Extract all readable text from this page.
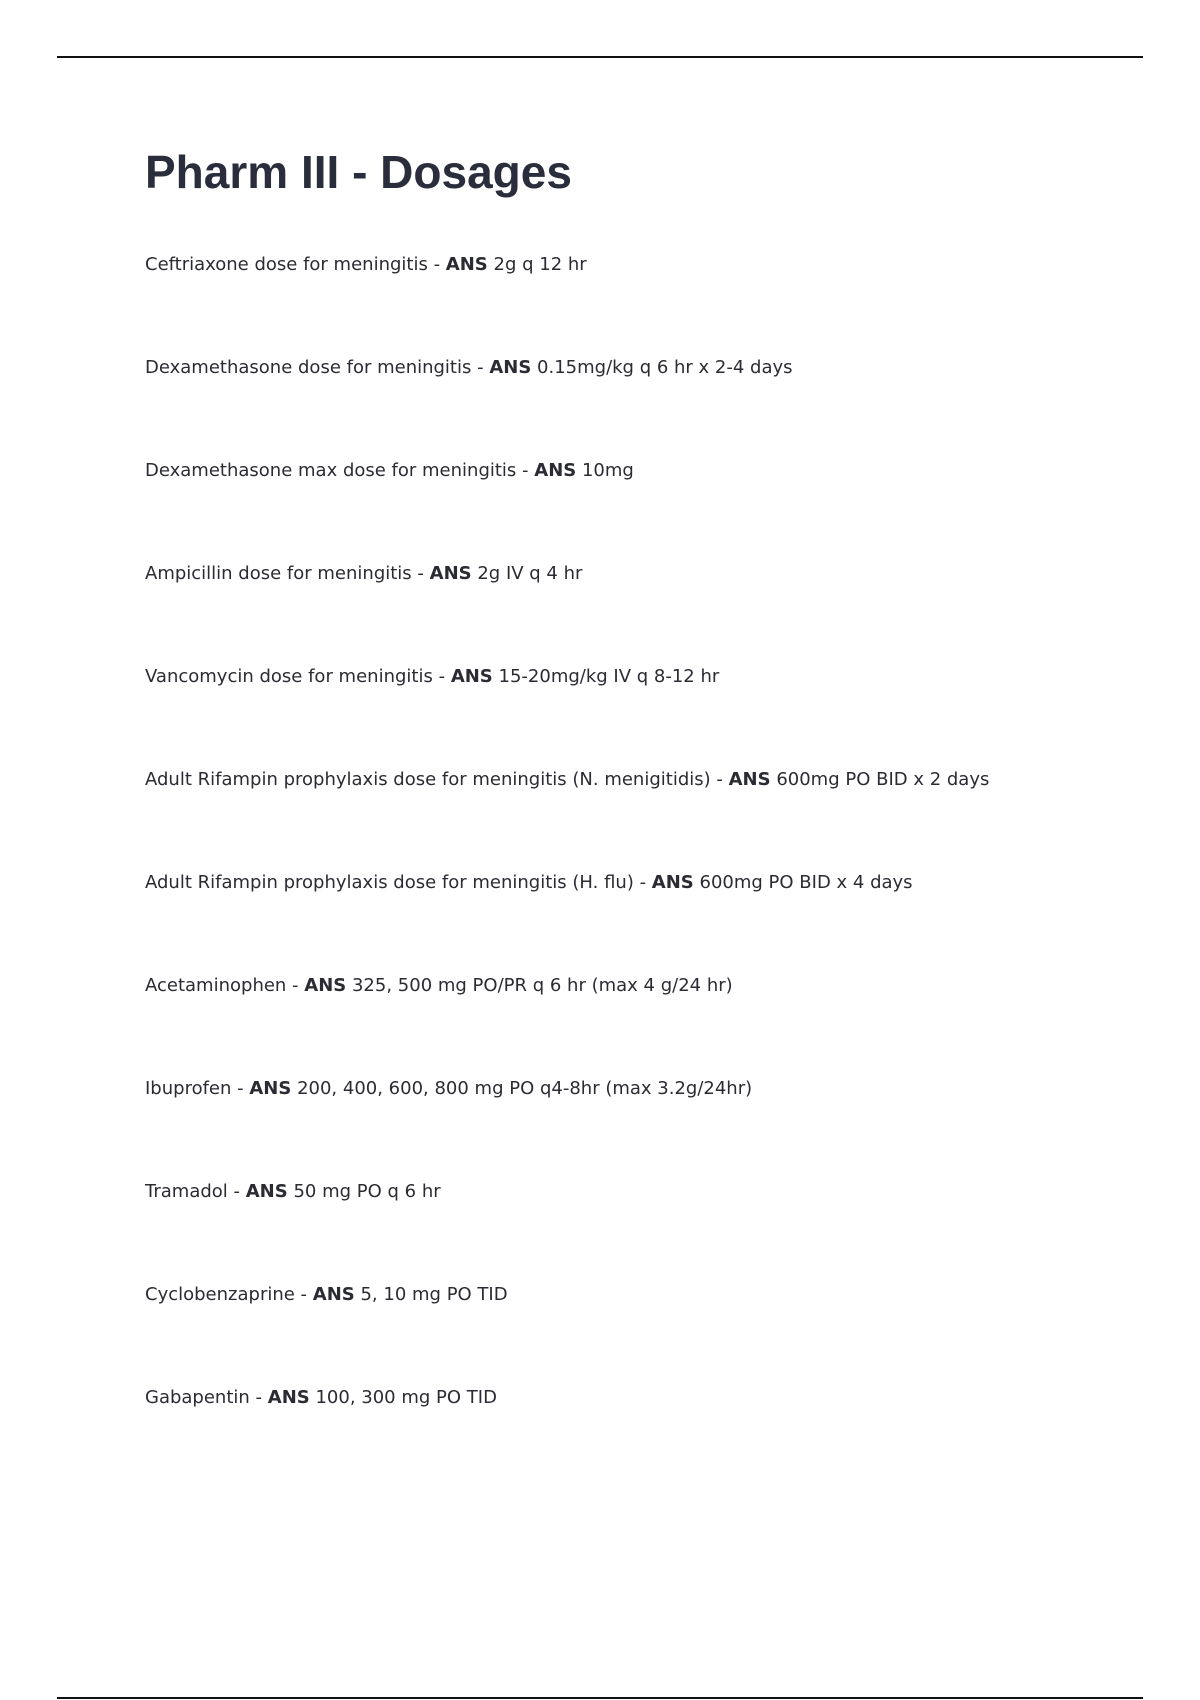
Pharm III - Dosages
Ceftriaxone dose for meningitis - ANS 2g q 12 hr
Dexamethasone dose for meningitis - ANS 0.15mg/kg q 6 hr x 2-4 days
Dexamethasone max dose for meningitis - ANS 10mg
Ampicillin dose for meningitis - ANS 2g IV q 4 hr
Vancomycin dose for meningitis - ANS 15-20mg/kg IV q 8-12 hr
Adult Rifampin prophylaxis dose for meningitis (N. menigitidis) - ANS 600mg PO BID x 2 days
Adult Rifampin prophylaxis dose for meningitis (H. flu) - ANS 600mg PO BID x 4 days
Acetaminophen - ANS 325, 500 mg PO/PR q 6 hr (max 4 g/24 hr)
Ibuprofen - ANS 200, 400, 600, 800 mg PO q4-8hr (max 3.2g/24hr)
Tramadol - ANS 50 mg PO q 6 hr
Cyclobenzaprine - ANS 5, 10 mg PO TID
Gabapentin - ANS 100, 300 mg PO TID
